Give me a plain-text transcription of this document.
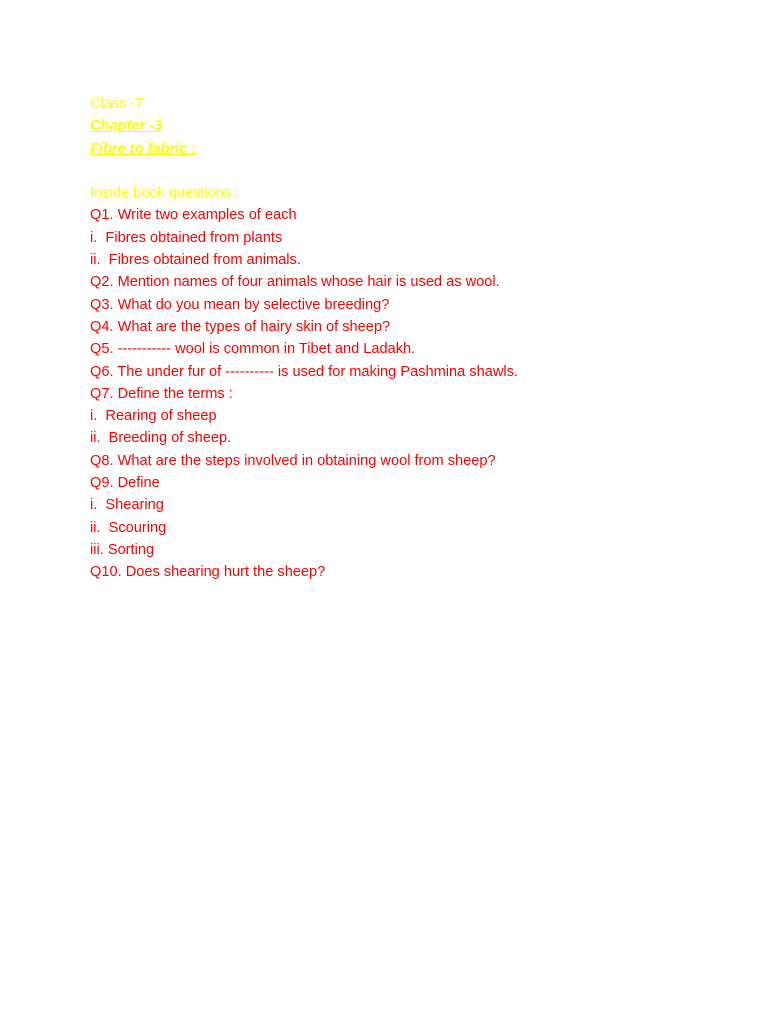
Class -7
Chapter -3
Fibre to fabric :
Inside book questions :
Q1. Write two examples of each
i.  Fibres obtained from plants
ii.  Fibres obtained from animals.
Q2. Mention names of four animals whose hair is used as wool.
Q3. What do you mean by selective breeding?
Q4. What are the types of hairy skin of sheep?
Q5. ----------- wool is common in Tibet and Ladakh.
Q6. The under fur of ---------- is used for making Pashmina shawls.
Q7. Define the terms :
i.  Rearing of sheep
ii.  Breeding of sheep.
Q8. What are the steps involved in obtaining wool from sheep?
Q9. Define
i.  Shearing
ii.  Scouring
iii. Sorting
Q10. Does shearing hurt the sheep?
